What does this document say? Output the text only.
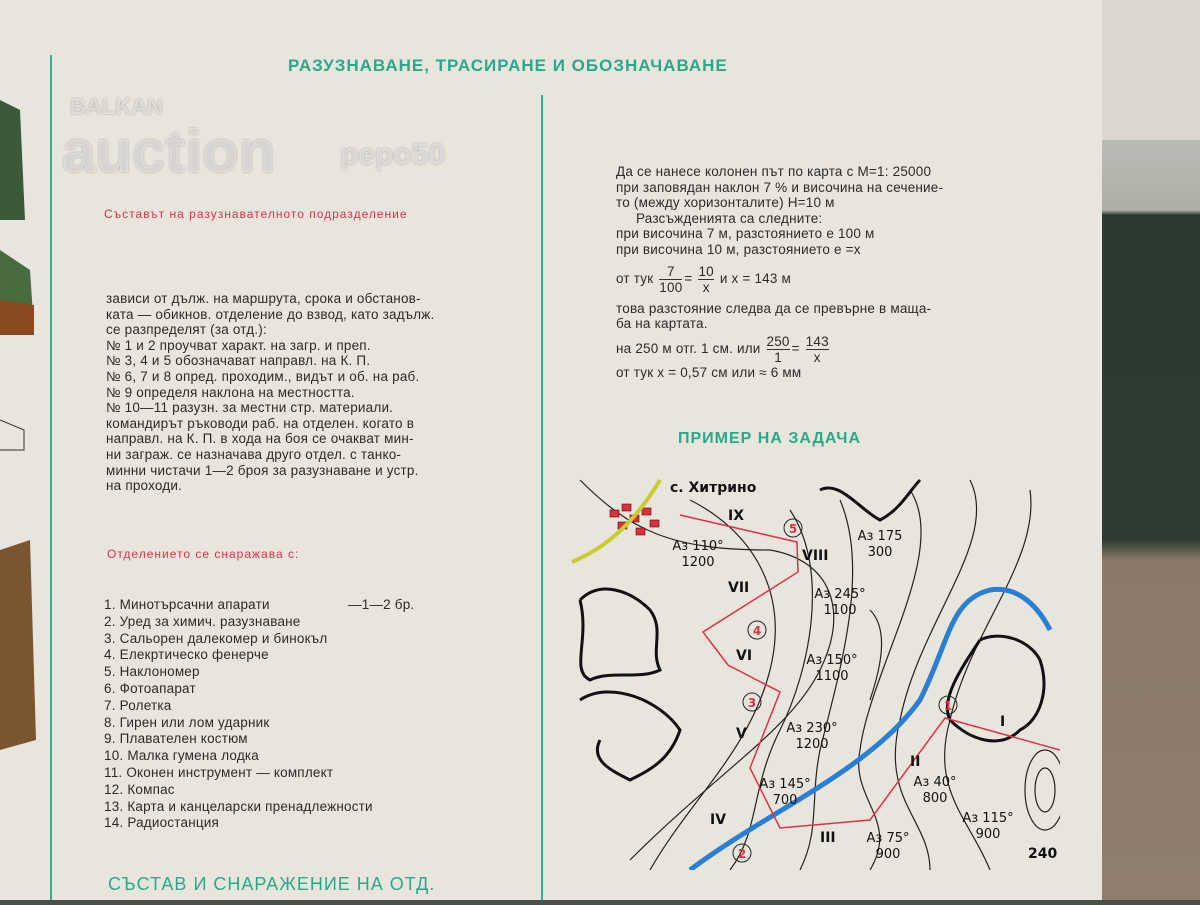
РАЗУЗНАВАНЕ, ТРАСИРАНЕ И ОБОЗНАЧАВАНЕ
BALKAN
auction pepo50
Съставът на разузнавателното подразделение
зависи от дълж. на маршрута, срока и обстанов-
ката — обикнов. отделение до взвод, като задълж.
се разпределят (за отд.):
№ 1 и 2 проучват характ. на загр. и преп.
№ 3, 4 и 5 обозначават направл. на К. П.
№ 6, 7 и 8 опред. проходим., видът и об. на раб.
№ 9 определя наклона на местността.
№ 10—11 разузн. за местни стр. материали.
командирът ръководи раб. на отделен. когато в
направл. на К. П. в хода на боя се очакват мин-
ни заграж. се назначава друго отдел. с танко-
минни чистачи 1—2 броя за разузнаване и устр.
на проходи.
Отделението се снаражава с:
1. Минотърсачни апарати	—1—2 бр.
2. Уред за химич. разузнаване
3. Сальорен далекомер и бинокъл
4. Елекртическо фенерче
5. Наклономер
6. Фотоапарат
7. Ролетка
8. Гирен или лом ударник
9. Плавателен костюм
10. Малка гумена лодка
11. Оконен инструмент — комплект
12. Компас
13. Карта и канцеларски пренадлежности
14. Радиостанция
СЪСТАВ И СНАРАЖЕНИЕ НА ОТД.
Да се нанесе колонен път по карта с М=1: 25000
при заповядан наклон 7 % и височина на сечение-
то (между хоризонталите) Н=10 м
Разсъжденията са следните:
при височина 7 м, разстоянието е 100 м
при височина 10 м, разстоянието е =х
от тук $\frac{7}{100} = \frac{10}{х}$ и х = 143 м
това разстояние следва да се превърне в маща-
ба на картата.
на 250 м отг. 1 см. или $\frac{250}{1} = \frac{143}{х}$
от тук х = 0,57 см или ≈ 6 мм
ПРИМЕР НА ЗАДАЧА
с. Хитрино
IX
VIII
VII
VI
V
IV
III
II
I
1
2
3
4
5
Аз 110°
1200
Аз 175
300
Аз 245°
1100
Аз 150°
1100
Аз 230°
1200
Аз 145°
700
Аз 40°
800
Аз 75°
900
Аз 115°
900
240
